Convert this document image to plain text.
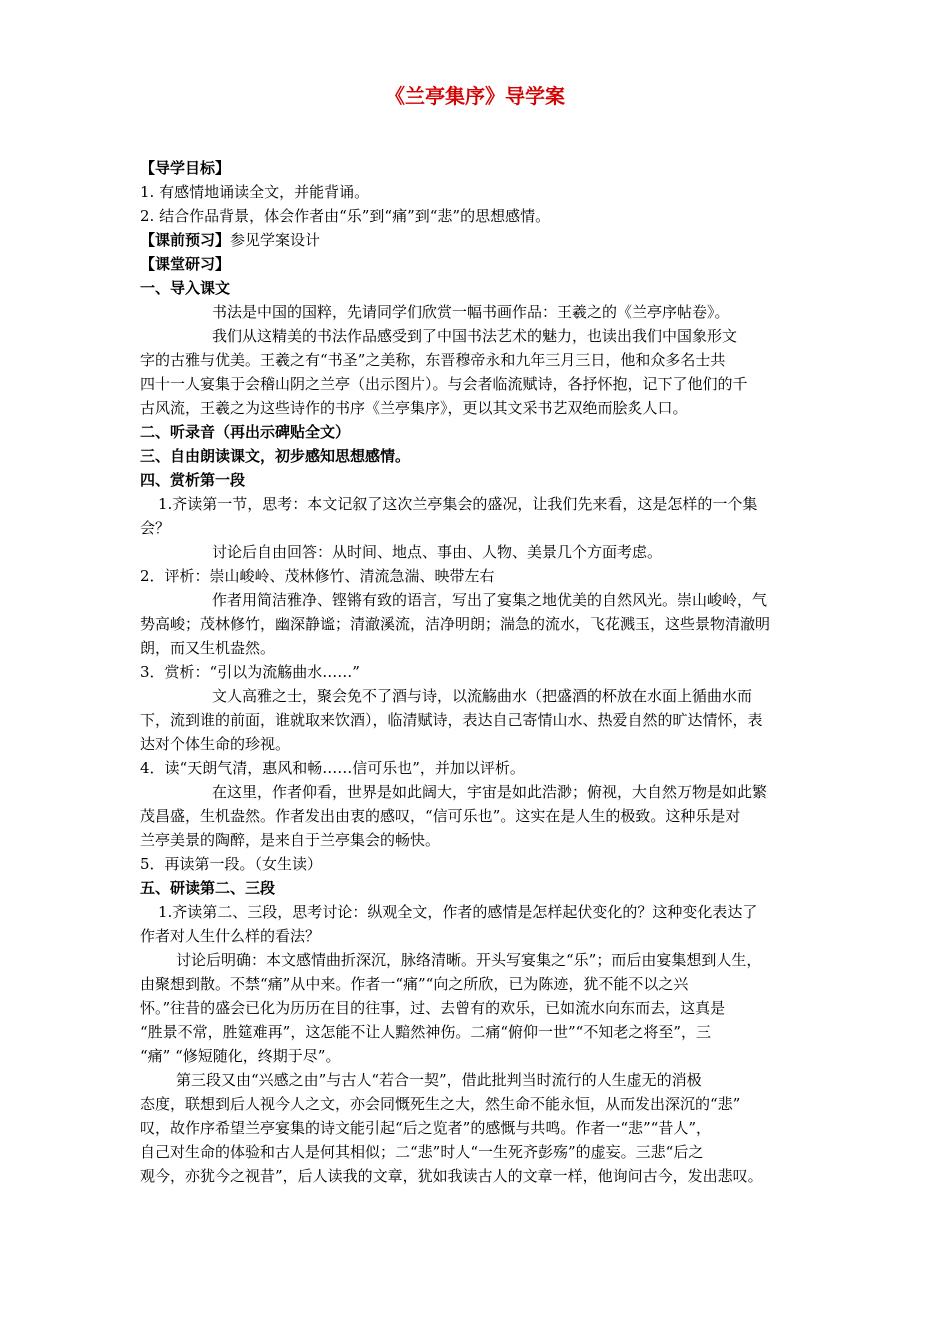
《兰亭集序》导学案
【导学目标】
1. 有感情地诵读全文，并能背诵。
2. 结合作品背景，体会作者由“乐”到“痛”到“悲”的思想感情。
【课前预习】参见学案设计
【课堂研习】
一、导入课文
书法是中国的国粹，先请同学们欣赏一幅书画作品：王羲之的《兰亭序帖卷》。
我们从这精美的书法作品感受到了中国书法艺术的魅力，也读出我们中国象形文
字的古雅与优美。王羲之有“书圣”之美称，东晋穆帝永和九年三月三日，他和众多名士共
四十一人宴集于会稽山阴之兰亭（出示图片）。与会者临流赋诗，各抒怀抱，记下了他们的千
古风流，王羲之为这些诗作的书序《兰亭集序》，更以其文采书艺双绝而脍炙人口。
二、听录音（再出示碑贴全文）
三、自由朗读课文，初步感知思想感情。
四、赏析第一段
1.齐读第一节，思考：本文记叙了这次兰亭集会的盛况，让我们先来看，这是怎样的一个集
会？
讨论后自由回答：从时间、地点、事由、人物、美景几个方面考虑。
2．评析：崇山峻岭、茂林修竹、清流急湍、映带左右
作者用简洁雅净、铿锵有致的语言，写出了宴集之地优美的自然风光。崇山峻岭，气
势高峻；茂林修竹，幽深静谧；清澈溪流，洁净明朗；湍急的流水，飞花溅玉，这些景物清澈明
朗，而又生机盎然。
3．赏析：“引以为流觞曲水……”
文人高雅之士，聚会免不了酒与诗，以流觞曲水（把盛酒的杯放在水面上循曲水而
下，流到谁的前面，谁就取来饮酒），临清赋诗，表达自己寄情山水、热爱自然的旷达情怀，表
达对个体生命的珍视。
4．读“天朗气清，惠风和畅……信可乐也”，并加以评析。
在这里，作者仰看，世界是如此阔大，宇宙是如此浩渺；俯视，大自然万物是如此繁
茂昌盛，生机盎然。作者发出由衷的感叹，“信可乐也”。这实在是人生的极致。这种乐是对
兰亭美景的陶醉，是来自于兰亭集会的畅快。
5．再读第一段。（女生读）
五、研读第二、三段
1.齐读第二、三段，思考讨论：纵观全文，作者的感情是怎样起伏变化的？这种变化表达了
作者对人生什么样的看法？
讨论后明确：本文感情曲折深沉，脉络清晰。开头写宴集之“乐”；而后由宴集想到人生，
由聚想到散。不禁“痛”从中来。作者一“痛”“向之所欣，已为陈迹，犹不能不以之兴
怀。”往昔的盛会已化为历历在目的往事，过、去曾有的欢乐，已如流水向东而去，这真是
“胜景不常，胜筵难再”，这怎能不让人黯然神伤。二痛“俯仰一世”“不知老之将至”，三
“痛” “修短随化，终期于尽”。
第三段又由“兴感之由”与古人“若合一契”，借此批判当时流行的人生虚无的消极
态度，联想到后人视今人之文，亦会同慨死生之大，然生命不能永恒，从而发出深沉的“悲”
叹，故作序希望兰亭宴集的诗文能引起“后之览者”的感慨与共鸣。作者一“悲”“昔人”，
自己对生命的体验和古人是何其相似；二“悲”时人“一生死齐彭殇”的虚妄。三悲“后之
观今，亦犹今之视昔”，后人读我的文章，犹如我读古人的文章一样，他询问古今，发出悲叹。
